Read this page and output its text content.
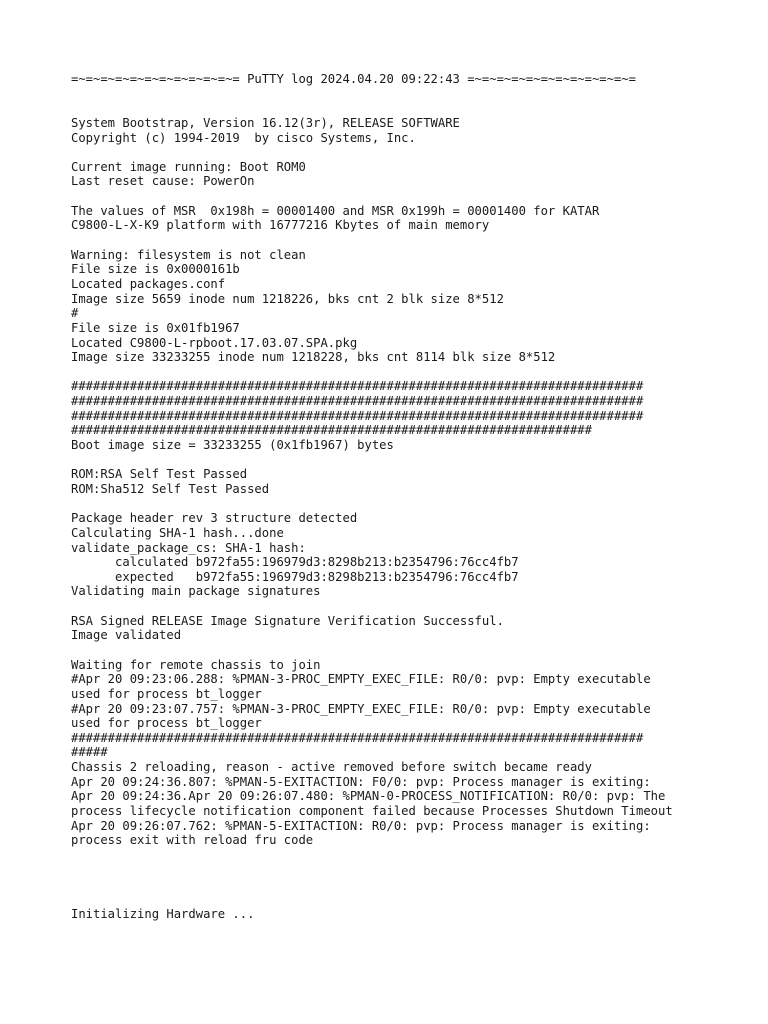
=~=~=~=~=~=~=~=~=~=~=~= PuTTY log 2024.04.20 09:22:43 =~=~=~=~=~=~=~=~=~=~=~=
System Bootstrap, Version 16.12(3r), RELEASE SOFTWARE
Copyright (c) 1994-2019  by cisco Systems, Inc.
Current image running: Boot ROM0
Last reset cause: PowerOn
The values of MSR  0x198h = 00001400 and MSR 0x199h = 00001400 for KATAR
C9800-L-X-K9 platform with 16777216 Kbytes of main memory
Warning: filesystem is not clean
File size is 0x0000161b
Located packages.conf
Image size 5659 inode num 1218226, bks cnt 2 blk size 8*512
#
File size is 0x01fb1967
Located C9800-L-rpboot.17.03.07.SPA.pkg
Image size 33233255 inode num 1218228, bks cnt 8114 blk size 8*512
##############################################################################
##############################################################################
##############################################################################
#######################################################################
Boot image size = 33233255 (0x1fb1967) bytes
ROM:RSA Self Test Passed
ROM:Sha512 Self Test Passed
Package header rev 3 structure detected
Calculating SHA-1 hash...done
validate_package_cs: SHA-1 hash:
calculated b972fa55:196979d3:8298b213:b2354796:76cc4fb7
expected   b972fa55:196979d3:8298b213:b2354796:76cc4fb7
Validating main package signatures
RSA Signed RELEASE Image Signature Verification Successful.
Image validated
Waiting for remote chassis to join
#Apr 20 09:23:06.288: %PMAN-3-PROC_EMPTY_EXEC_FILE: R0/0: pvp: Empty executable
used for process bt_logger
#Apr 20 09:23:07.757: %PMAN-3-PROC_EMPTY_EXEC_FILE: R0/0: pvp: Empty executable
used for process bt_logger
##############################################################################
#####
Chassis 2 reloading, reason - active removed before switch became ready
Apr 20 09:24:36.807: %PMAN-5-EXITACTION: F0/0: pvp: Process manager is exiting:
Apr 20 09:24:36.Apr 20 09:26:07.480: %PMAN-0-PROCESS_NOTIFICATION: R0/0: pvp: The
process lifecycle notification component failed because Processes Shutdown Timeout
Apr 20 09:26:07.762: %PMAN-5-EXITACTION: R0/0: pvp: Process manager is exiting:
process exit with reload fru code
Initializing Hardware ...
